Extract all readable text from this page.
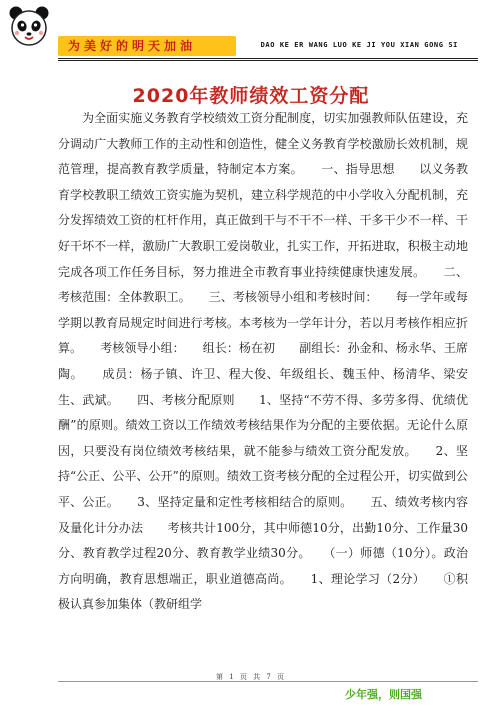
为美好的明天加油	DAO KE ER WANG LUO KE JI YOU XIAN GONG SI
2020年教师绩效工资分配

为全面实施义务教育学校绩效工资分配制度，切实加强教师队伍建设，充分调动广大教师工作的主动性和创造性，健全义务教育学校激励长效机制，规范管理，提高教育教学质量，特制定本方案。　　一、指导思想　　以义务教育学校教职工绩效工资实施为契机，建立科学规范的中小学收入分配机制，充分发挥绩效工资的杠杆作用，真正做到干与不干不一样、干多干少不一样、干好干坏不一样，激励广大教职工爱岗敬业，扎实工作，开拓进取，积极主动地完成各项工作任务目标，努力推进全市教育事业持续健康快速发展。　　二、考核范围：全体教职工。　　三、考核领导小组和考核时间：　　每一学年或每学期以教育局规定时间进行考核。本考核为一学年计分，若以月考核作相应折算。　　考核领导小组：　　组长：杨在初　　副组长：孙金和、杨永华、王席陶。　　成员：杨子镇、许卫、程大俊、年级组长、魏玉仲、杨清华、梁安生、武斌。　　四、考核分配原则　　1、坚持“不劳不得、多劳多得、优绩优酬”的原则。绩效工资以工作绩效考核结果作为分配的主要依据。无论什么原因，只要没有岗位绩效考核结果，就不能参与绩效工资分配发放。　　2、坚持“公正、公平、公开”的原则。绩效工资考核分配的全过程公开，切实做到公平、公正。　　3、坚持定量和定性考核相结合的原则。　　五、绩效考核内容及量化计分办法　　考核共计100分，其中师德10分，出勤10分、工作量30分、教育教学过程20分、教育教学业绩30分。　　（一）师德（10分）。政治方向明确，教育思想端正，职业道德高尚。　　1、理论学习（2分）　　①积极认真参加集体（教研组学

第 1 页 共 7 页
少年强，则国强
